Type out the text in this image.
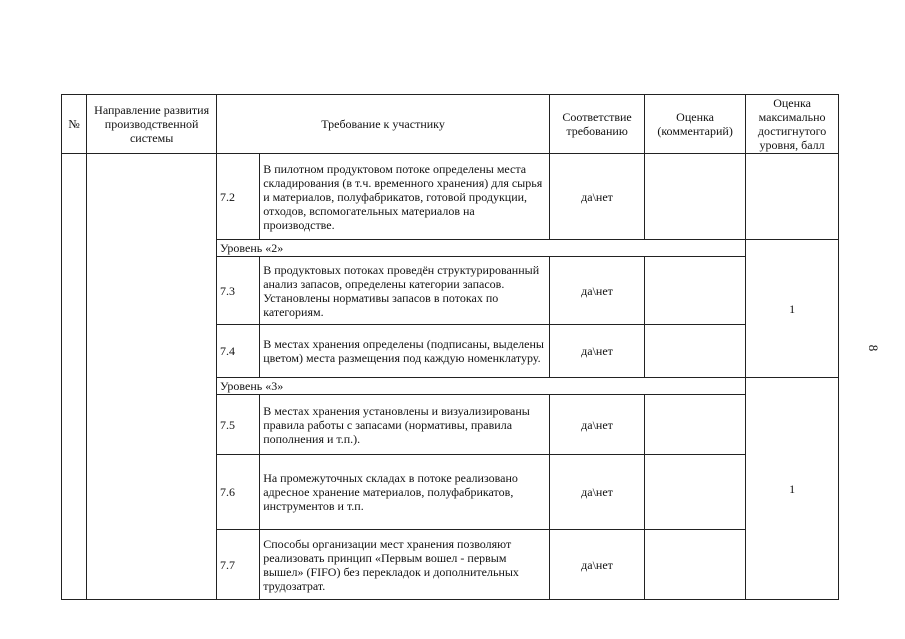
8
№	Направление развития производственной системы	Требование к участнику		Соответствие требованию	Оценка (комментарий)	Оценка максимально достигнутого уровня, балл
		7.2	В пилотном продуктовом потоке определены места складирования (в т.ч. временного хранения) для сырья и материалов, полуфабрикатов, готовой продукции, отходов, вспомогательных материалов на производстве.	да\нет		
		Уровень «2»				1
		7.3	В продуктовых потоках проведён структурированный анализ запасов, определены категории запасов. Установлены нормативы запасов в потоках по категориям.	да\нет		
		7.4	В местах хранения определены (подписаны, выделены цветом) места размещения под каждую номенклатуру.	да\нет		
		Уровень «3»				1
		7.5	В местах хранения установлены и визуализированы правила работы с запасами (нормативы, правила пополнения и т.п.).	да\нет		
		7.6	На промежуточных складах в потоке реализовано адресное хранение материалов, полуфабрикатов, инструментов и т.п.	да\нет		
		7.7	Способы организации мест хранения позволяют реализовать принцип «Первым вошел - первым вышел» (FIFO) без перекладок и дополнительных трудозатрат.	да\нет		
